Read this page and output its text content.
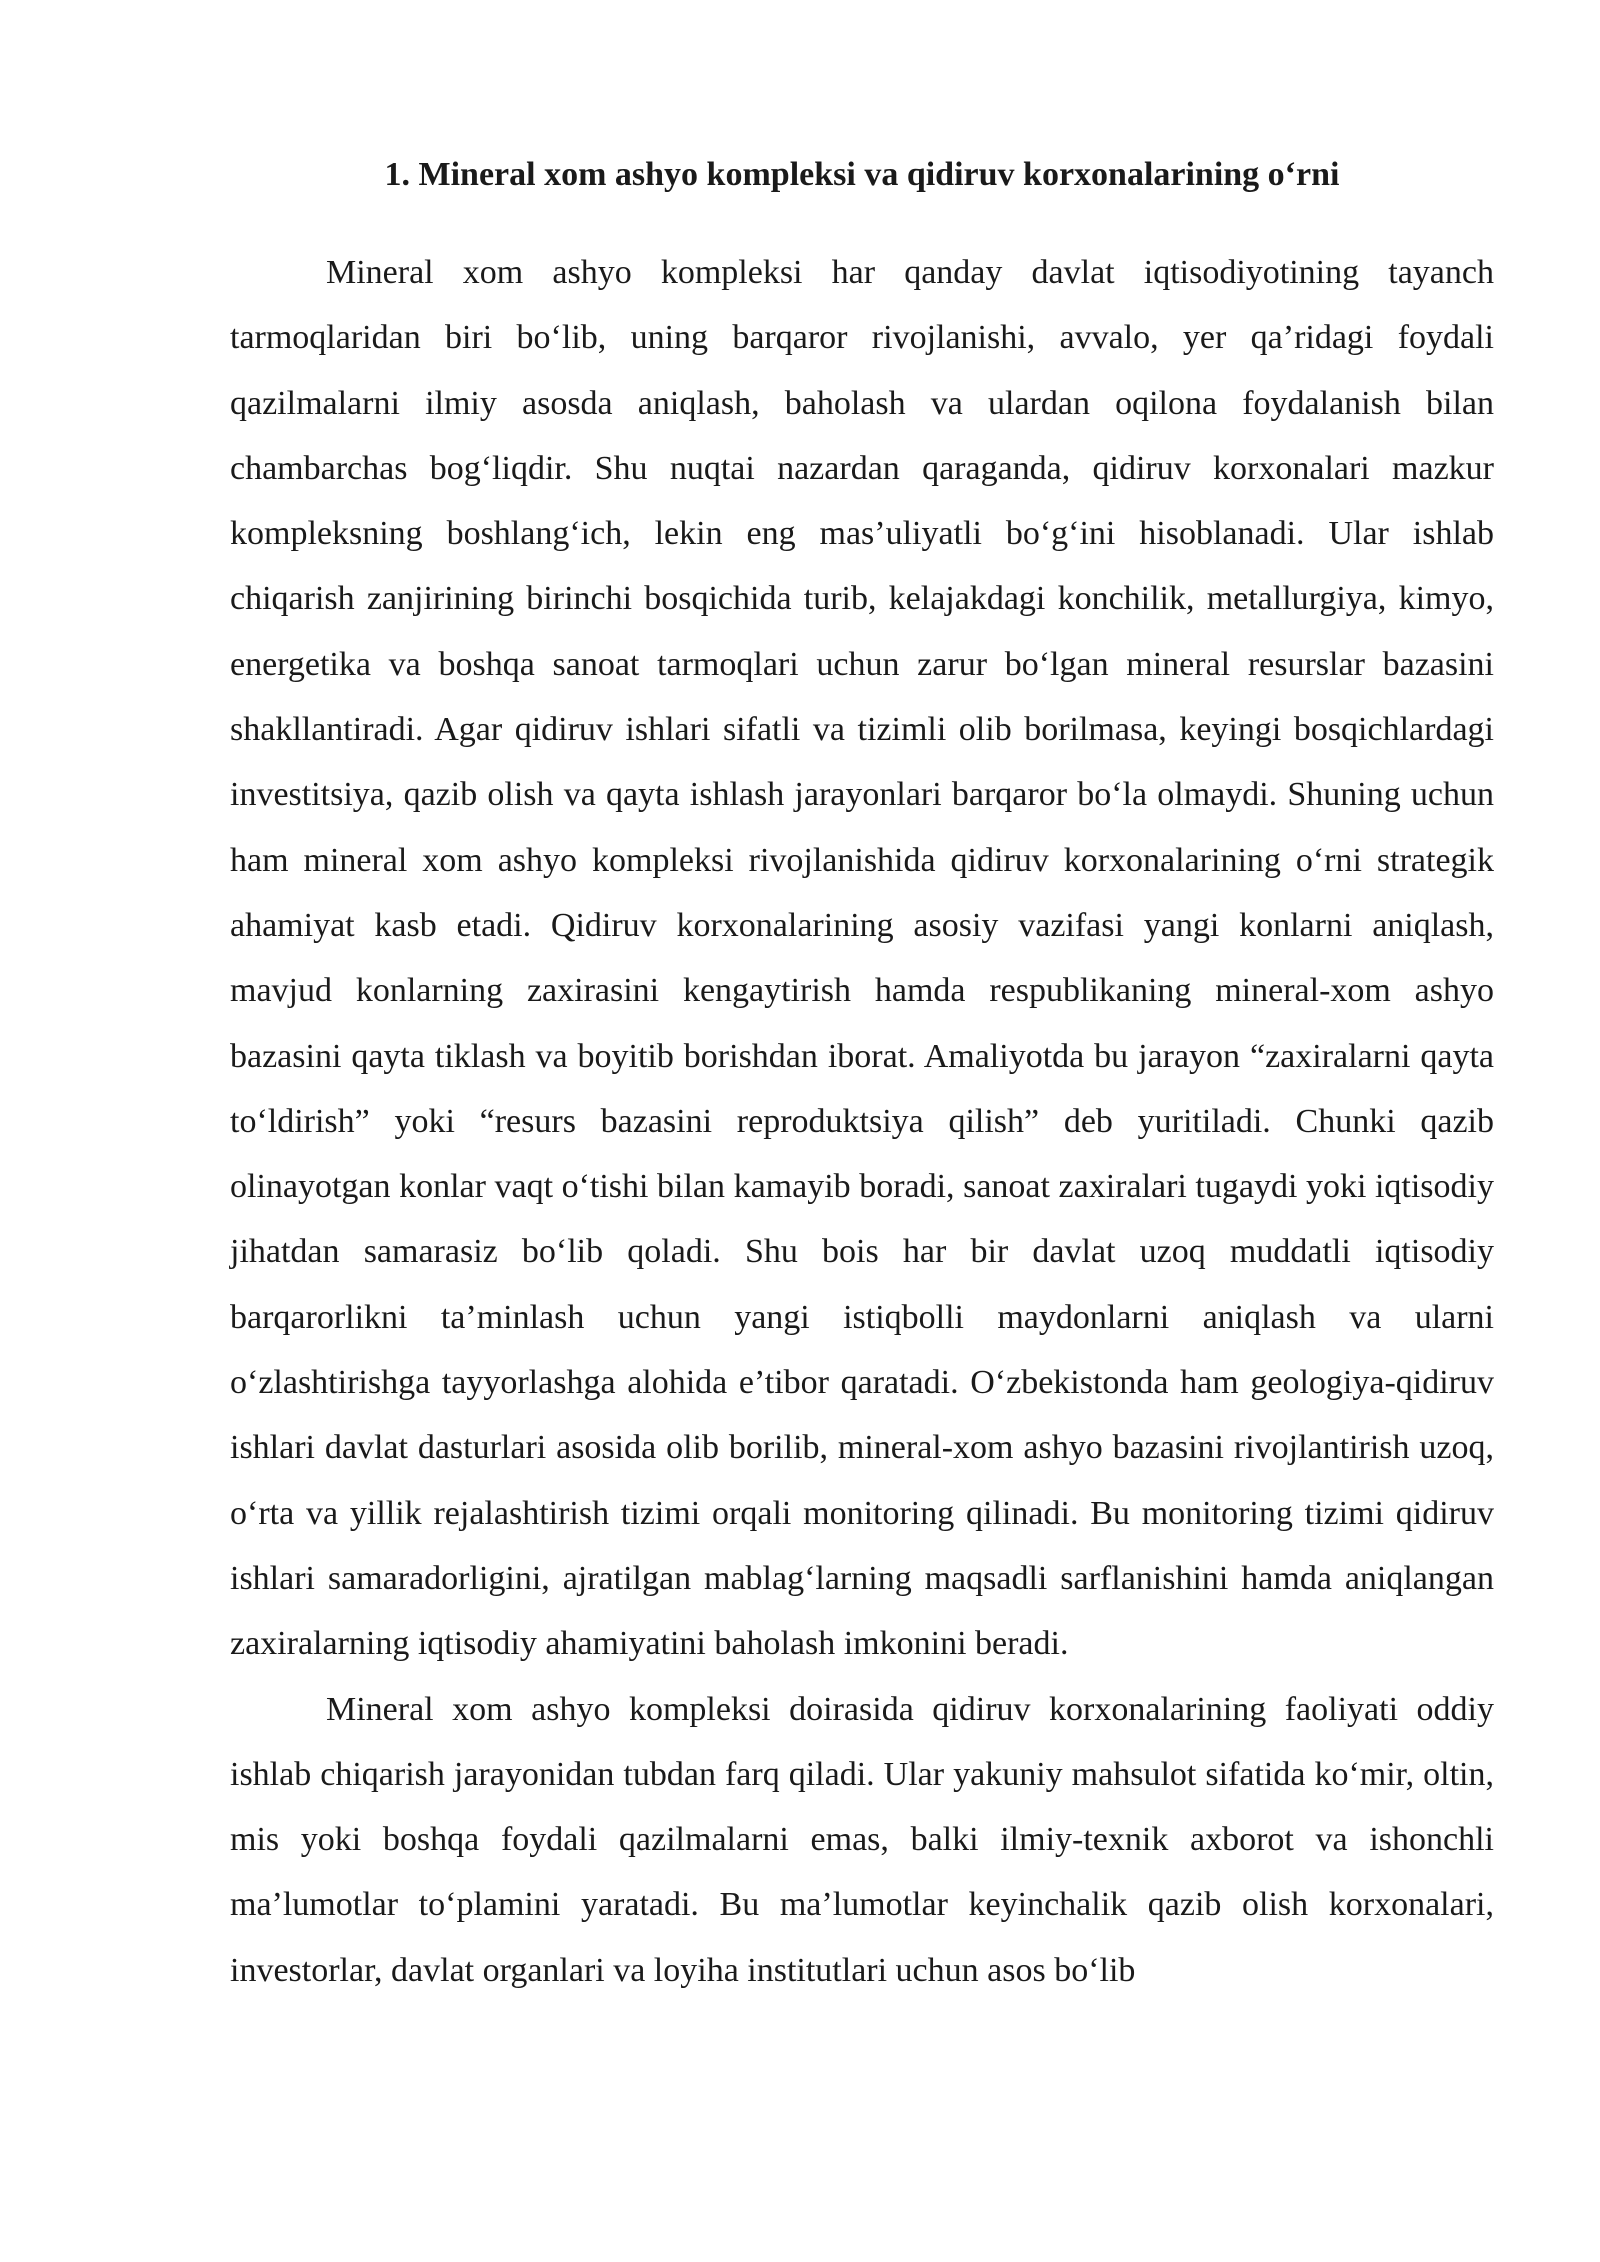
1. Mineral xom ashyo kompleksi va qidiruv korxonalarining o‘rni

Mineral xom ashyo kompleksi har qanday davlat iqtisodiyotining tayanch tarmoqlaridan biri bo‘lib, uning barqaror rivojlanishi, avvalo, yer qa’ridagi foydali qazilmalarni ilmiy asosda aniqlash, baholash va ulardan oqilona foydalanish bilan chambarchas bog‘liqdir. Shu nuqtai nazardan qaraganda, qidiruv korxonalari mazkur kompleksning boshlang‘ich, lekin eng mas’uliyatli bo‘g‘ini hisoblanadi. Ular ishlab chiqarish zanjirining birinchi bosqichida turib, kelajakdagi konchilik, metallurgiya, kimyo, energetika va boshqa sanoat tarmoqlari uchun zarur bo‘lgan mineral resurslar bazasini shakllantiradi. Agar qidiruv ishlari sifatli va tizimli olib borilmasa, keyingi bosqichlardagi investitsiya, qazib olish va qayta ishlash jarayonlari barqaror bo‘la olmaydi. Shuning uchun ham mineral xom ashyo kompleksi rivojlanishida qidiruv korxonalarining o‘rni strategik ahamiyat kasb etadi. Qidiruv korxonalarining asosiy vazifasi yangi konlarni aniqlash, mavjud konlarning zaxirasini kengaytirish hamda respublikaning mineral-xom ashyo bazasini qayta tiklash va boyitib borishdan iborat. Amaliyotda bu jarayon “zaxiralarni qayta to‘ldirish” yoki “resurs bazasini reproduktsiya qilish” deb yuritiladi. Chunki qazib olinayotgan konlar vaqt o‘tishi bilan kamayib boradi, sanoat zaxiralari tugaydi yoki iqtisodiy jihatdan samarasiz bo‘lib qoladi. Shu bois har bir davlat uzoq muddatli iqtisodiy barqarorlikni ta’minlash uchun yangi istiqbolli maydonlarni aniqlash va ularni o‘zlashtirishga tayyorlashga alohida e’tibor qaratadi. O‘zbekistonda ham geologiya-qidiruv ishlari davlat dasturlari asosida olib borilib, mineral-xom ashyo bazasini rivojlantirish uzoq, o‘rta va yillik rejalashtirish tizimi orqali monitoring qilinadi. Bu monitoring tizimi qidiruv ishlari samaradorligini, ajratilgan mablag‘larning maqsadli sarflanishini hamda aniqlangan zaxiralarning iqtisodiy ahamiyatini baholash imkonini beradi.

Mineral xom ashyo kompleksi doirasida qidiruv korxonalarining faoliyati oddiy ishlab chiqarish jarayonidan tubdan farq qiladi. Ular yakuniy mahsulot sifatida ko‘mir, oltin, mis yoki boshqa foydali qazilmalarni emas, balki ilmiy-texnik axborot va ishonchli ma’lumotlar to‘plamini yaratadi. Bu ma’lumotlar keyinchalik qazib olish korxonalari, investorlar, davlat organlari va loyiha institutlari uchun asos bo‘lib
